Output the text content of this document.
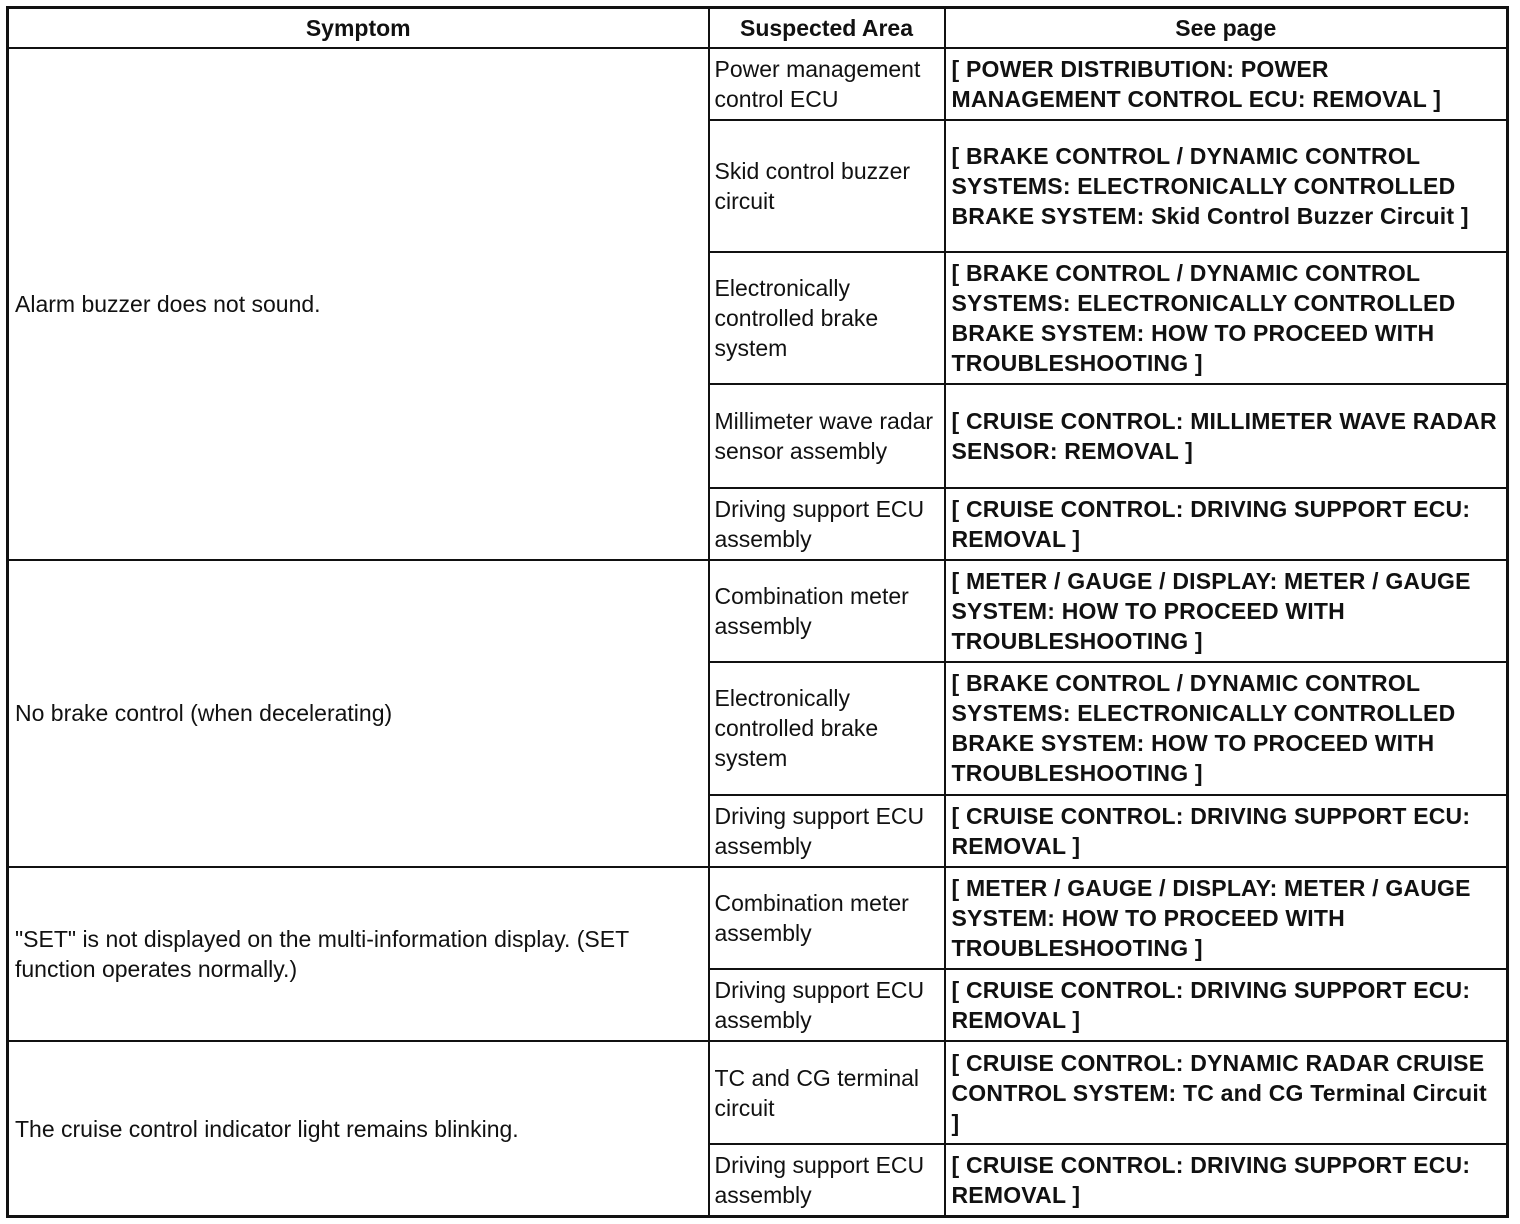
Symptom	Suspected Area	See page
Alarm buzzer does not sound.	Power management control ECU	[ POWER DISTRIBUTION: POWER MANAGEMENT CONTROL ECU: REMOVAL ]
	Skid control buzzer circuit	[ BRAKE CONTROL / DYNAMIC CONTROL SYSTEMS: ELECTRONICALLY CONTROLLED BRAKE SYSTEM: Skid Control Buzzer Circuit ]
	Electronically controlled brake system	[ BRAKE CONTROL / DYNAMIC CONTROL SYSTEMS: ELECTRONICALLY CONTROLLED BRAKE SYSTEM: HOW TO PROCEED WITH TROUBLESHOOTING ]
	Millimeter wave radar sensor assembly	[ CRUISE CONTROL: MILLIMETER WAVE RADAR SENSOR: REMOVAL ]
	Driving support ECU assembly	[ CRUISE CONTROL: DRIVING SUPPORT ECU: REMOVAL ]
No brake control (when decelerating)	Combination meter assembly	[ METER / GAUGE / DISPLAY: METER / GAUGE SYSTEM: HOW TO PROCEED WITH TROUBLESHOOTING ]
	Electronically controlled brake system	[ BRAKE CONTROL / DYNAMIC CONTROL SYSTEMS: ELECTRONICALLY CONTROLLED BRAKE SYSTEM: HOW TO PROCEED WITH TROUBLESHOOTING ]
	Driving support ECU assembly	[ CRUISE CONTROL: DRIVING SUPPORT ECU: REMOVAL ]
"SET" is not displayed on the multi-information display. (SET function operates normally.)	Combination meter assembly	[ METER / GAUGE / DISPLAY: METER / GAUGE SYSTEM: HOW TO PROCEED WITH TROUBLESHOOTING ]
	Driving support ECU assembly	[ CRUISE CONTROL: DRIVING SUPPORT ECU: REMOVAL ]
The cruise control indicator light remains blinking.	TC and CG terminal circuit	[ CRUISE CONTROL: DYNAMIC RADAR CRUISE CONTROL SYSTEM: TC and CG Terminal Circuit ]
	Driving support ECU assembly	[ CRUISE CONTROL: DRIVING SUPPORT ECU: REMOVAL ]
